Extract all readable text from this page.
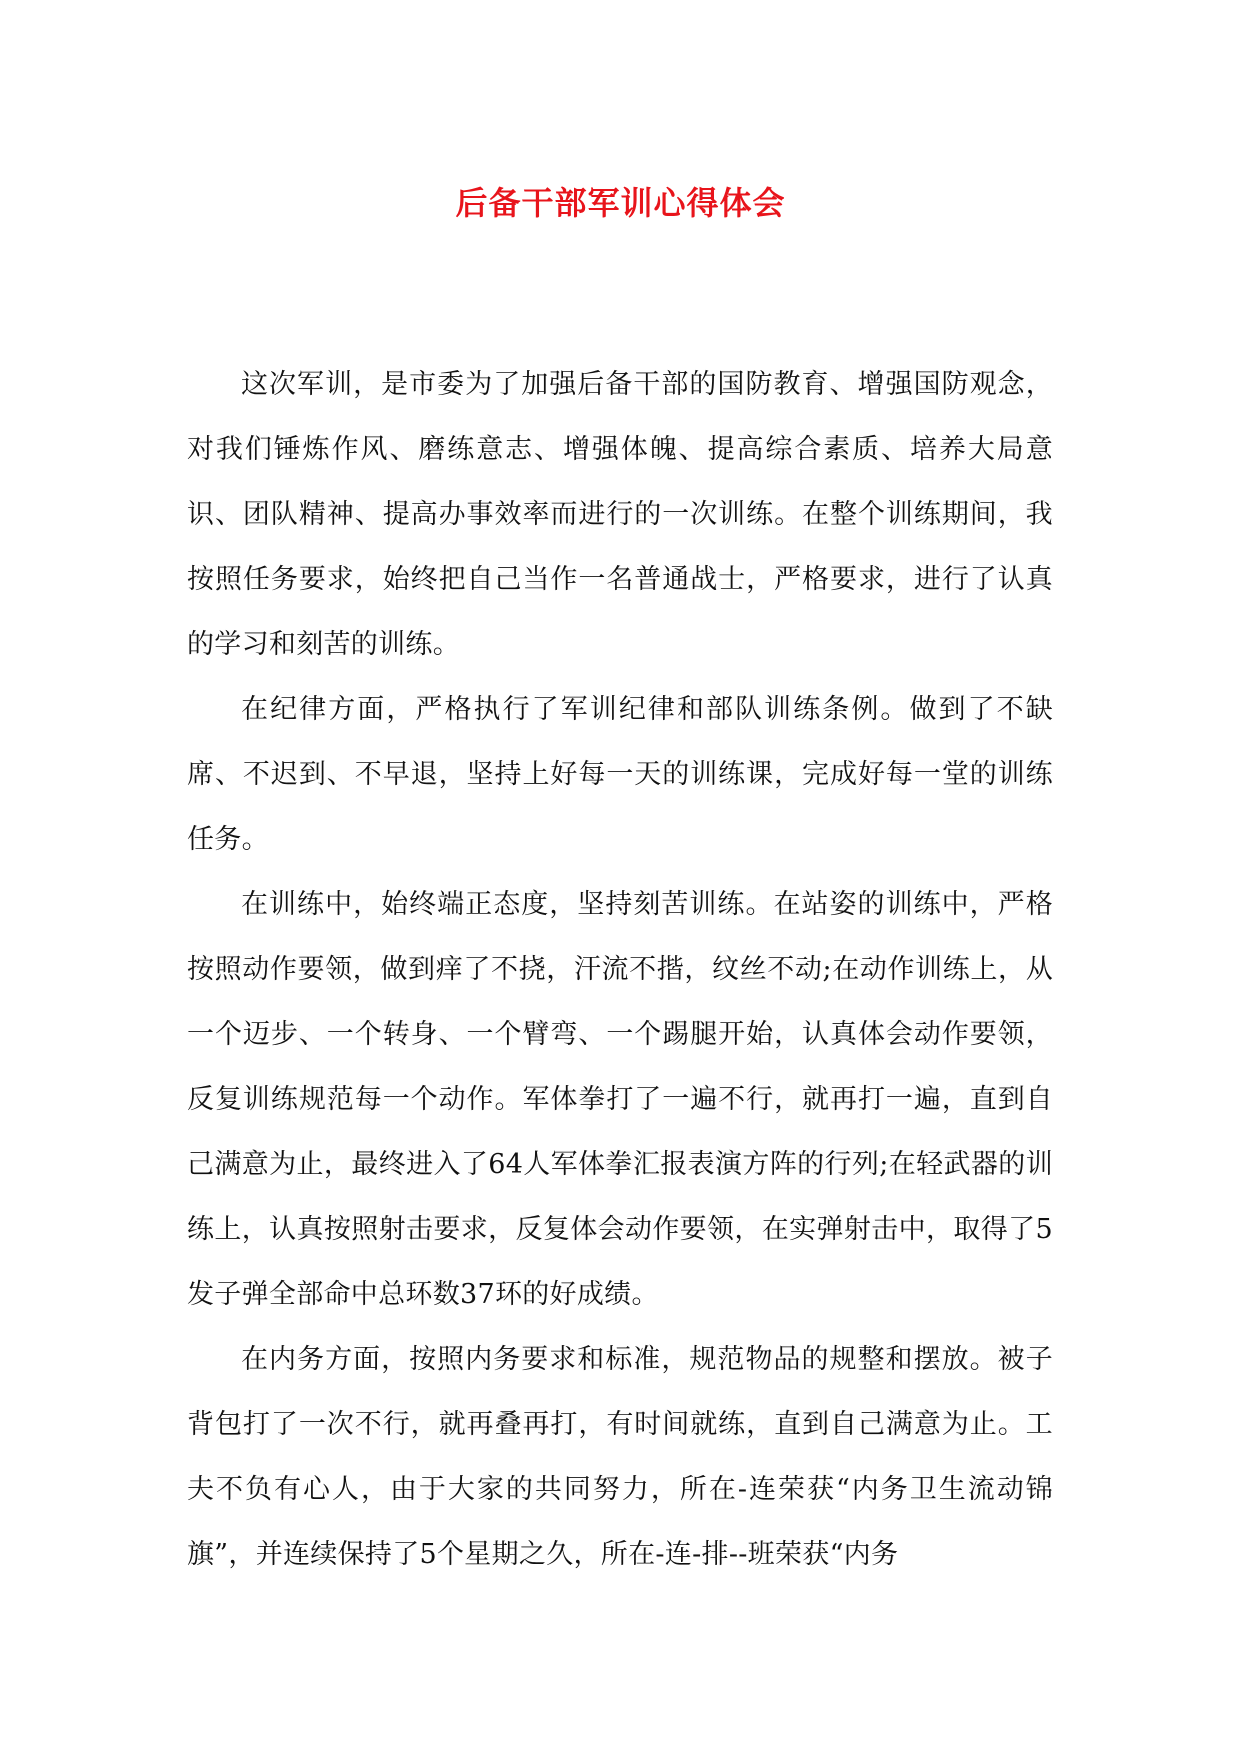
后备干部军训心得体会

这次军训，是市委为了加强后备干部的国防教育、增强国防观念，对我们锤炼作风、磨练意志、增强体魄、提高综合素质、培养大局意识、团队精神、提高办事效率而进行的一次训练。在整个训练期间，我按照任务要求，始终把自己当作一名普通战士，严格要求，进行了认真的学习和刻苦的训练。

在纪律方面，严格执行了军训纪律和部队训练条例。做到了不缺席、不迟到、不早退，坚持上好每一天的训练课，完成好每一堂的训练任务。

在训练中，始终端正态度，坚持刻苦训练。在站姿的训练中，严格按照动作要领，做到痒了不挠，汗流不揩，纹丝不动;在动作训练上，从一个迈步、一个转身、一个臂弯、一个踢腿开始，认真体会动作要领，反复训练规范每一个动作。军体拳打了一遍不行，就再打一遍，直到自己满意为止，最终进入了64人军体拳汇报表演方阵的行列;在轻武器的训练上，认真按照射击要求，反复体会动作要领，在实弹射击中，取得了5发子弹全部命中总环数37环的好成绩。

在内务方面，按照内务要求和标准，规范物品的规整和摆放。被子背包打了一次不行，就再叠再打，有时间就练，直到自己满意为止。工夫不负有心人，由于大家的共同努力，所在-连荣获“内务卫生流动锦旗”，并连续保持了5个星期之久，所在-连-排--班荣获“内务
